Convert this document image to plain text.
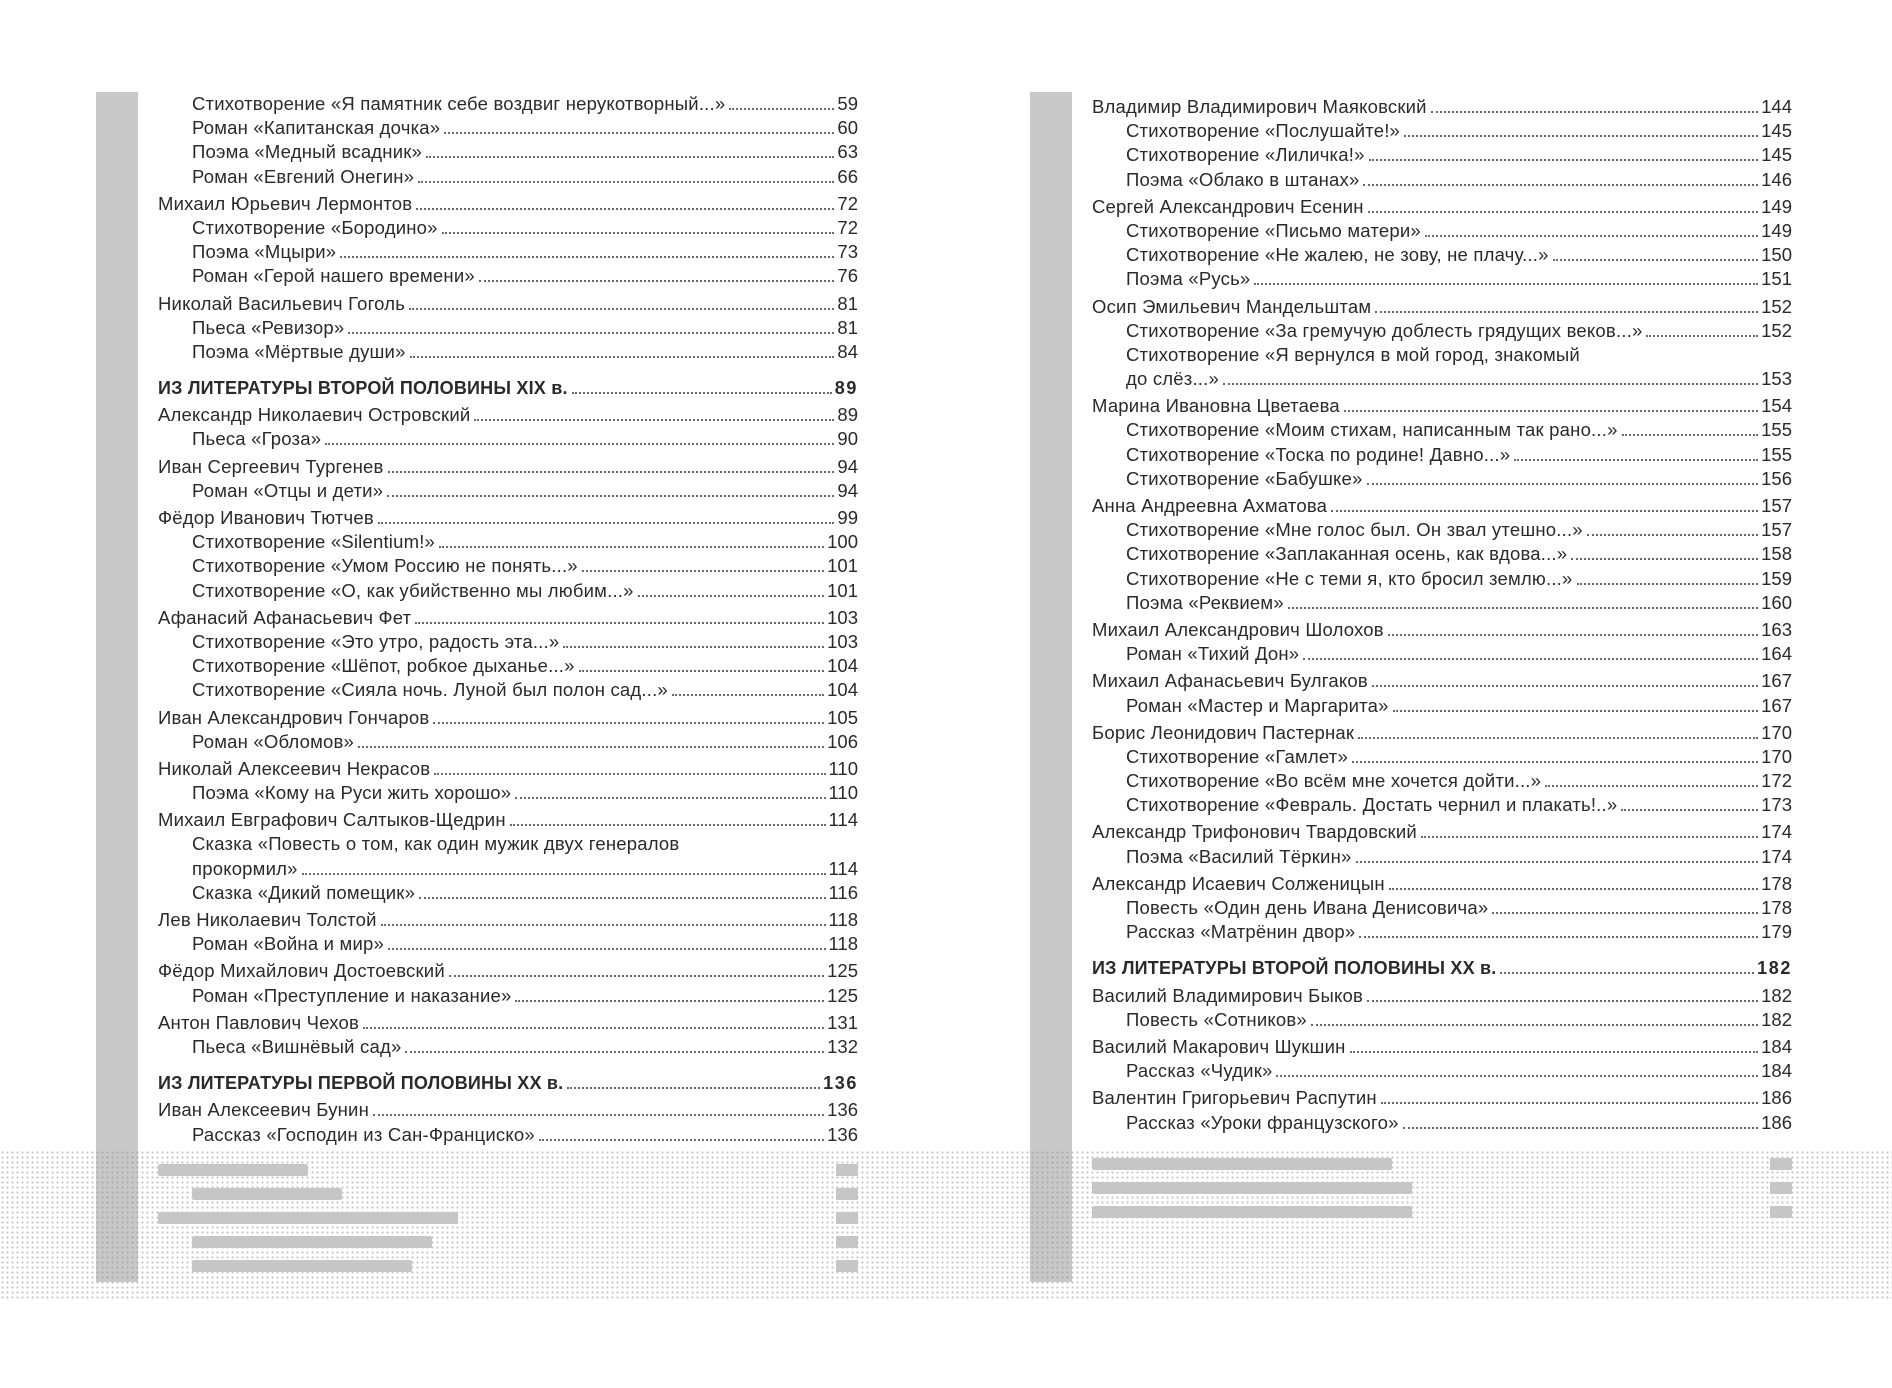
Стихотворение «Я памятник себе воздвиг нерукотворный...»	59
Роман «Капитанская дочка»	60
Поэма «Медный всадник»	63
Роман «Евгений Онегин»	66
Михаил Юрьевич Лермонтов	72
Стихотворение «Бородино»	72
Поэма «Мцыри»	73
Роман «Герой нашего времени»	76
Николай Васильевич Гоголь	81
Пьеса «Ревизор»	81
Поэма «Мёртвые души»	84
ИЗ ЛИТЕРАТУРЫ ВТОРОЙ ПОЛОВИНЫ XIX в.	89
Александр Николаевич Островский	89
Пьеса «Гроза»	90
Иван Сергеевич Тургенев	94
Роман «Отцы и дети»	94
Фёдор Иванович Тютчев	99
Стихотворение «Silentium!»	100
Стихотворение «Умом Россию не понять...»	101
Стихотворение «О, как убийственно мы любим...»	101
Афанасий Афанасьевич Фет	103
Стихотворение «Это утро, радость эта...»	103
Стихотворение «Шёпот, робкое дыханье...»	104
Стихотворение «Сияла ночь. Луной был полон сад...»	104
Иван Александрович Гончаров	105
Роман «Обломов»	106
Николай Алексеевич Некрасов	110
Поэма «Кому на Руси жить хорошо»	110
Михаил Евграфович Салтыков-Щедрин	114
Сказка «Повесть о том, как один мужик двух генералов
прокормил»	114
Сказка «Дикий помещик»	116
Лев Николаевич Толстой	118
Роман «Война и мир»	118
Фёдор Михайлович Достоевский	125
Роман «Преступление и наказание»	125
Антон Павлович Чехов	131
Пьеса «Вишнёвый сад»	132
ИЗ ЛИТЕРАТУРЫ ПЕРВОЙ ПОЛОВИНЫ XX в.	136
Иван Алексеевич Бунин	136
Рассказ «Господин из Сан-Франциско»	136
Владимир Владимирович Маяковский	144
Стихотворение «Послушайте!»	145
Стихотворение «Лиличка!»	145
Поэма «Облако в штанах»	146
Сергей Александрович Есенин	149
Стихотворение «Письмо матери»	149
Стихотворение «Не жалею, не зову, не плачу...»	150
Поэма «Русь»	151
Осип Эмильевич Мандельштам	152
Стихотворение «За гремучую доблесть грядущих веков...»	152
Стихотворение «Я вернулся в мой город, знакомый
до слёз...»	153
Марина Ивановна Цветаева	154
Стихотворение «Моим стихам, написанным так рано...»	155
Стихотворение «Тоска по родине! Давно...»	155
Стихотворение «Бабушке»	156
Анна Андреевна Ахматова	157
Стихотворение «Мне голос был. Он звал утешно...»	157
Стихотворение «Заплаканная осень, как вдова...»	158
Стихотворение «Не с теми я, кто бросил землю...»	159
Поэма «Реквием»	160
Михаил Александрович Шолохов	163
Роман «Тихий Дон»	164
Михаил Афанасьевич Булгаков	167
Роман «Мастер и Маргарита»	167
Борис Леонидович Пастернак	170
Стихотворение «Гамлет»	170
Стихотворение «Во всём мне хочется дойти...»	172
Стихотворение «Февраль. Достать чернил и плакать!..»	173
Александр Трифонович Твардовский	174
Поэма «Василий Тёркин»	174
Александр Исаевич Солженицын	178
Повесть «Один день Ивана Денисовича»	178
Рассказ «Матрёнин двор»	179
ИЗ ЛИТЕРАТУРЫ ВТОРОЙ ПОЛОВИНЫ XX в.	182
Василий Владимирович Быков	182
Повесть «Сотников»	182
Василий Макарович Шукшин	184
Рассказ «Чудик»	184
Валентин Григорьевич Распутин	186
Рассказ «Уроки французского»	186
